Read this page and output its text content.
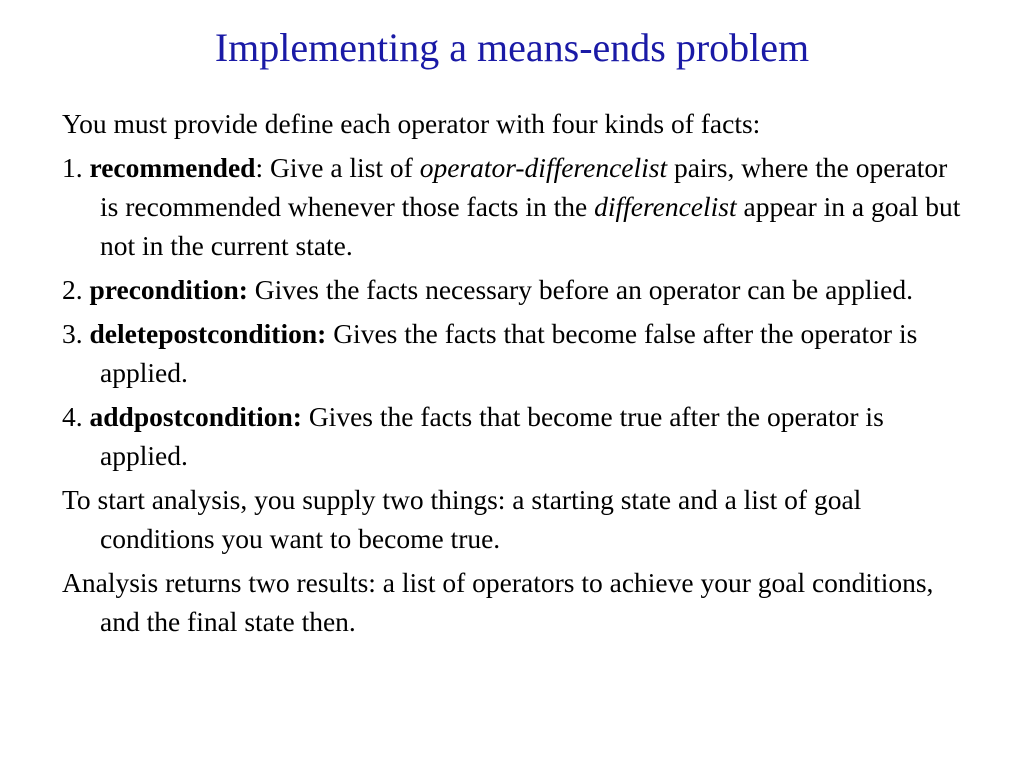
Implementing a means-ends problem

You must provide define each operator with four kinds of facts:

1. recommended: Give a list of operator-differencelist pairs, where the operator is recommended whenever those facts in the differencelist appear in a goal but not in the current state.

2. precondition: Gives the facts necessary before an operator can be applied.

3. deletepostcondition: Gives the facts that become false after the operator is applied.

4. addpostcondition: Gives the facts that become true after the operator is applied.

To start analysis, you supply two things: a starting state and a list of goal conditions you want to become true.

Analysis returns two results: a list of operators to achieve your goal conditions, and the final state then.
